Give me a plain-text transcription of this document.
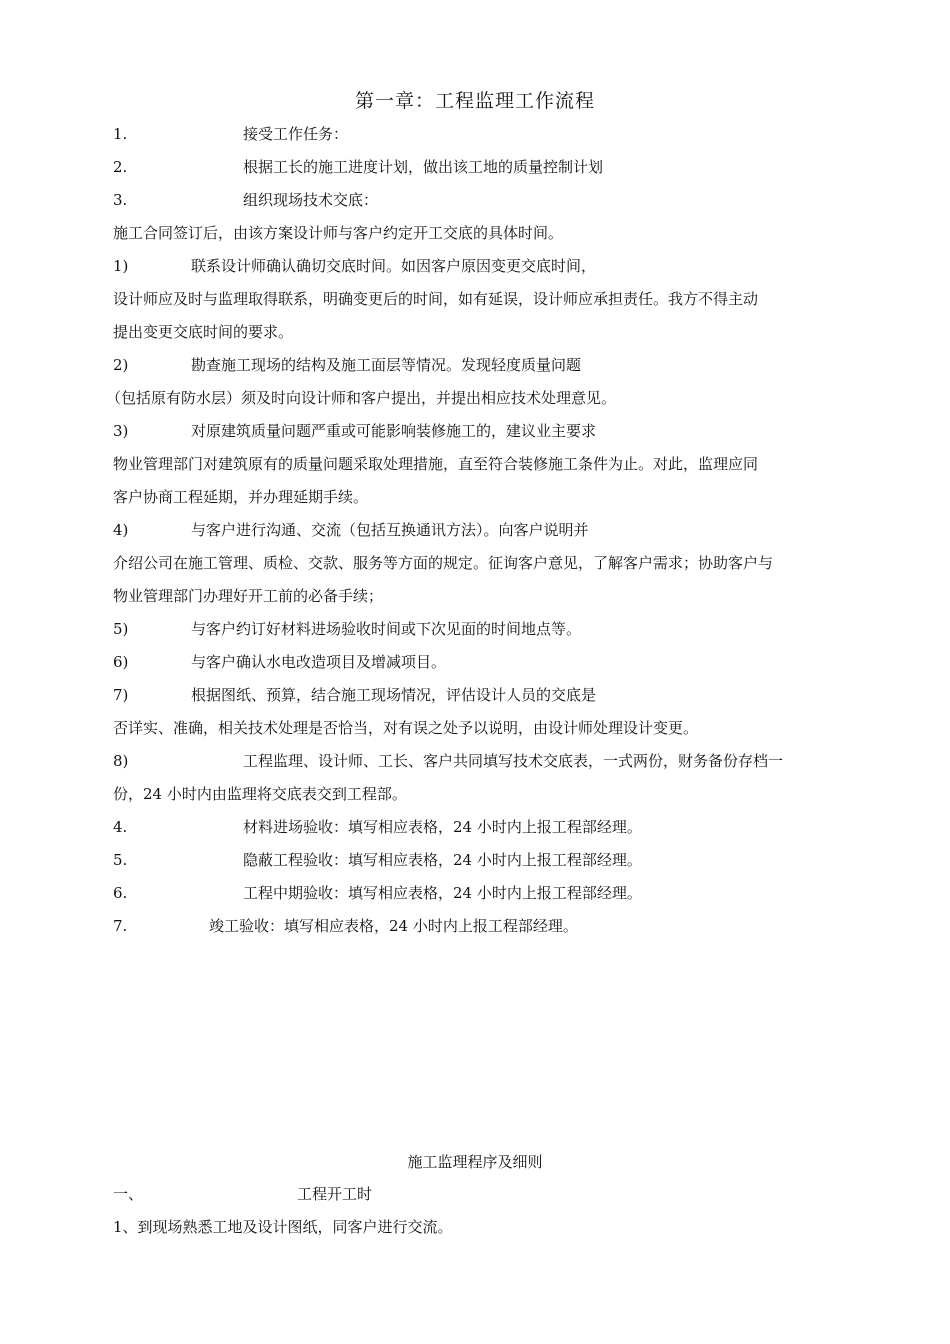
第一章：工程监理工作流程
1.	接受工作任务：
2.	根据工长的施工进度计划，做出该工地的质量控制计划
3.	组织现场技术交底：
施工合同签订后，由该方案设计师与客户约定开工交底的具体时间。
1)	联系设计师确认确切交底时间。如因客户原因变更交底时间，
设计师应及时与监理取得联系，明确变更后的时间，如有延误，设计师应承担责任。我方不得主动
提出变更交底时间的要求。
2)	勘查施工现场的结构及施工面层等情况。发现轻度质量问题
（包括原有防水层）须及时向设计师和客户提出，并提出相应技术处理意见。
3)	对原建筑质量问题严重或可能影响装修施工的，建议业主要求
物业管理部门对建筑原有的质量问题采取处理措施，直至符合装修施工条件为止。对此，监理应同
客户协商工程延期，并办理延期手续。
4)	与客户进行沟通、交流（包括互换通讯方法）。向客户说明并
介绍公司在施工管理、质检、交款、服务等方面的规定。征询客户意见，了解客户需求；协助客户与
物业管理部门办理好开工前的必备手续；
5)	与客户约订好材料进场验收时间或下次见面的时间地点等。
6)	与客户确认水电改造项目及增减项目。
7)	根据图纸、预算，结合施工现场情况，评估设计人员的交底是
否详实、准确，相关技术处理是否恰当，对有误之处予以说明，由设计师处理设计变更。
8)	工程监理、设计师、工长、客户共同填写技术交底表，一式两份，财务备份存档一
份，24 小时内由监理将交底表交到工程部。
4.	材料进场验收：填写相应表格，24 小时内上报工程部经理。
5.	隐蔽工程验收：填写相应表格，24 小时内上报工程部经理。
6.	工程中期验收：填写相应表格，24 小时内上报工程部经理。
7.	竣工验收：填写相应表格，24 小时内上报工程部经理。
施工监理程序及细则
一、	工程开工时
1、到现场熟悉工地及设计图纸，同客户进行交流。
